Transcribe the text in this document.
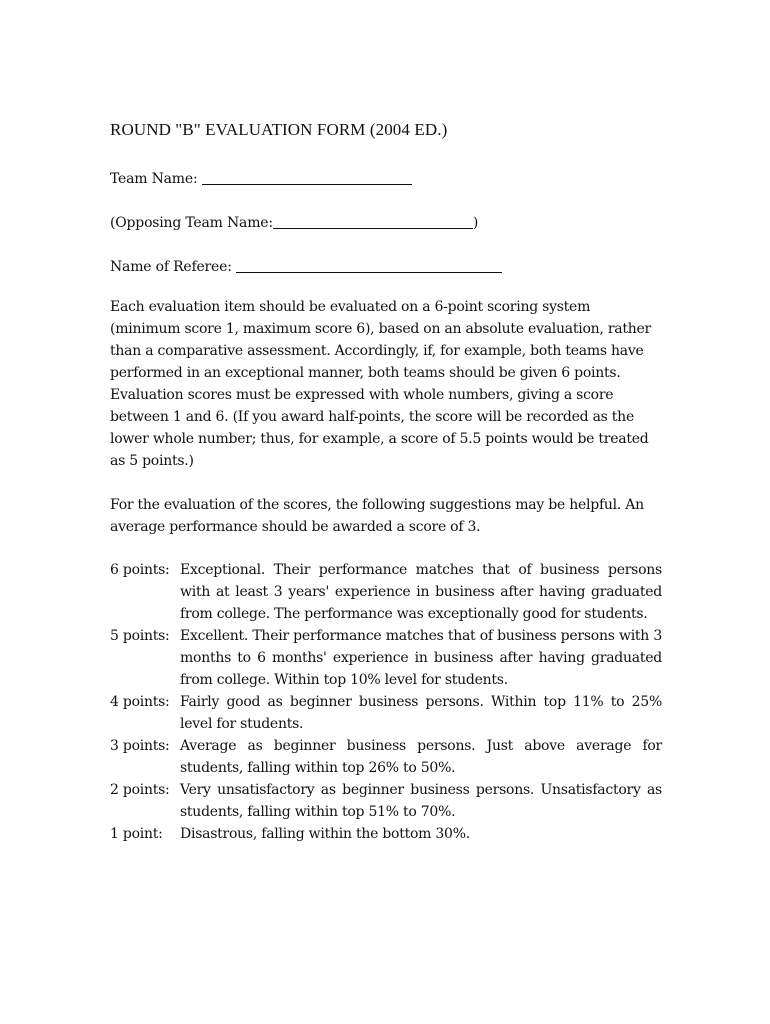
ROUND "B" EVALUATION FORM (2004 ED.)
Team Name:
(Opposing Team Name:	)
Name of Referee:

Each evaluation item should be evaluated on a 6-point scoring system (minimum score 1, maximum score 6), based on an absolute evaluation, rather than a comparative assessment. Accordingly, if, for example, both teams have performed in an exceptional manner, both teams should be given 6 points. Evaluation scores must be expressed with whole numbers, giving a score between 1 and 6. (If you award half-points, the score will be recorded as the lower whole number; thus, for example, a score of 5.5 points would be treated as 5 points.)

For the evaluation of the scores, the following suggestions may be helpful. An average performance should be awarded a score of 3.

6 points: Exceptional. Their performance matches that of business persons with at least 3 years' experience in business after having graduated from college. The performance was exceptionally good for students.
5 points: Excellent. Their performance matches that of business persons with 3 months to 6 months' experience in business after having graduated from college. Within top 10% level for students.
4 points: Fairly good as beginner business persons. Within top 11% to 25% level for students.
3 points: Average as beginner business persons. Just above average for students, falling within top 26% to 50%.
2 points: Very unsatisfactory as beginner business persons. Unsatisfactory as students, falling within top 51% to 70%.
1 point:	Disastrous, falling within the bottom 30%.
